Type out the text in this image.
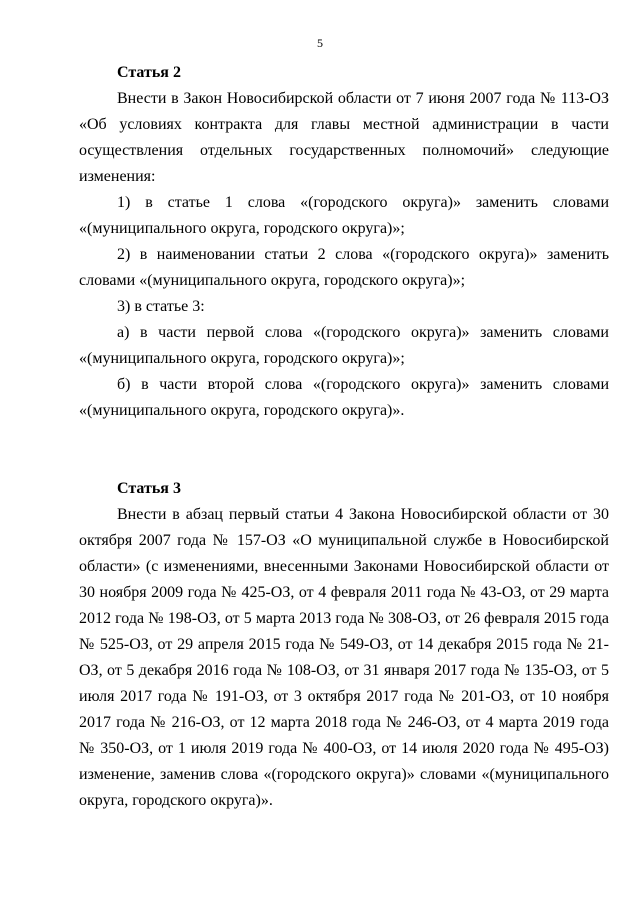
5

Статья 2

Внести в Закон Новосибирской области от 7 июня 2007 года № 113-ОЗ «Об условиях контракта для главы местной администрации в части осуществления отдельных государственных полномочий» следующие изменения:

1) в статье 1 слова «(городского округа)» заменить словами «(муниципального округа, городского округа)»;

2) в наименовании статьи 2 слова «(городского округа)» заменить словами «(муниципального округа, городского округа)»;

3) в статье 3:

а) в части первой слова «(городского округа)» заменить словами «(муниципального округа, городского округа)»;

б) в части второй слова «(городского округа)» заменить словами «(муниципального округа, городского округа)».

Статья 3

Внести в абзац первый статьи 4 Закона Новосибирской области от 30 октября 2007 года № 157-ОЗ «О муниципальной службе в Новосибирской области» (с изменениями, внесенными Законами Новосибирской области от 30 ноября 2009 года № 425-ОЗ, от 4 февраля 2011 года № 43-ОЗ, от 29 марта 2012 года № 198-ОЗ, от 5 марта 2013 года № 308-ОЗ, от 26 февраля 2015 года № 525-ОЗ, от 29 апреля 2015 года № 549-ОЗ, от 14 декабря 2015 года № 21-ОЗ, от 5 декабря 2016 года № 108-ОЗ, от 31 января 2017 года № 135-ОЗ, от 5 июля 2017 года № 191-ОЗ, от 3 октября 2017 года № 201-ОЗ, от 10 ноября 2017 года № 216-ОЗ, от 12 марта 2018 года № 246-ОЗ, от 4 марта 2019 года № 350-ОЗ, от 1 июля 2019 года № 400-ОЗ, от 14 июля 2020 года № 495-ОЗ) изменение, заменив слова «(городского округа)» словами «(муниципального округа, городского округа)».
